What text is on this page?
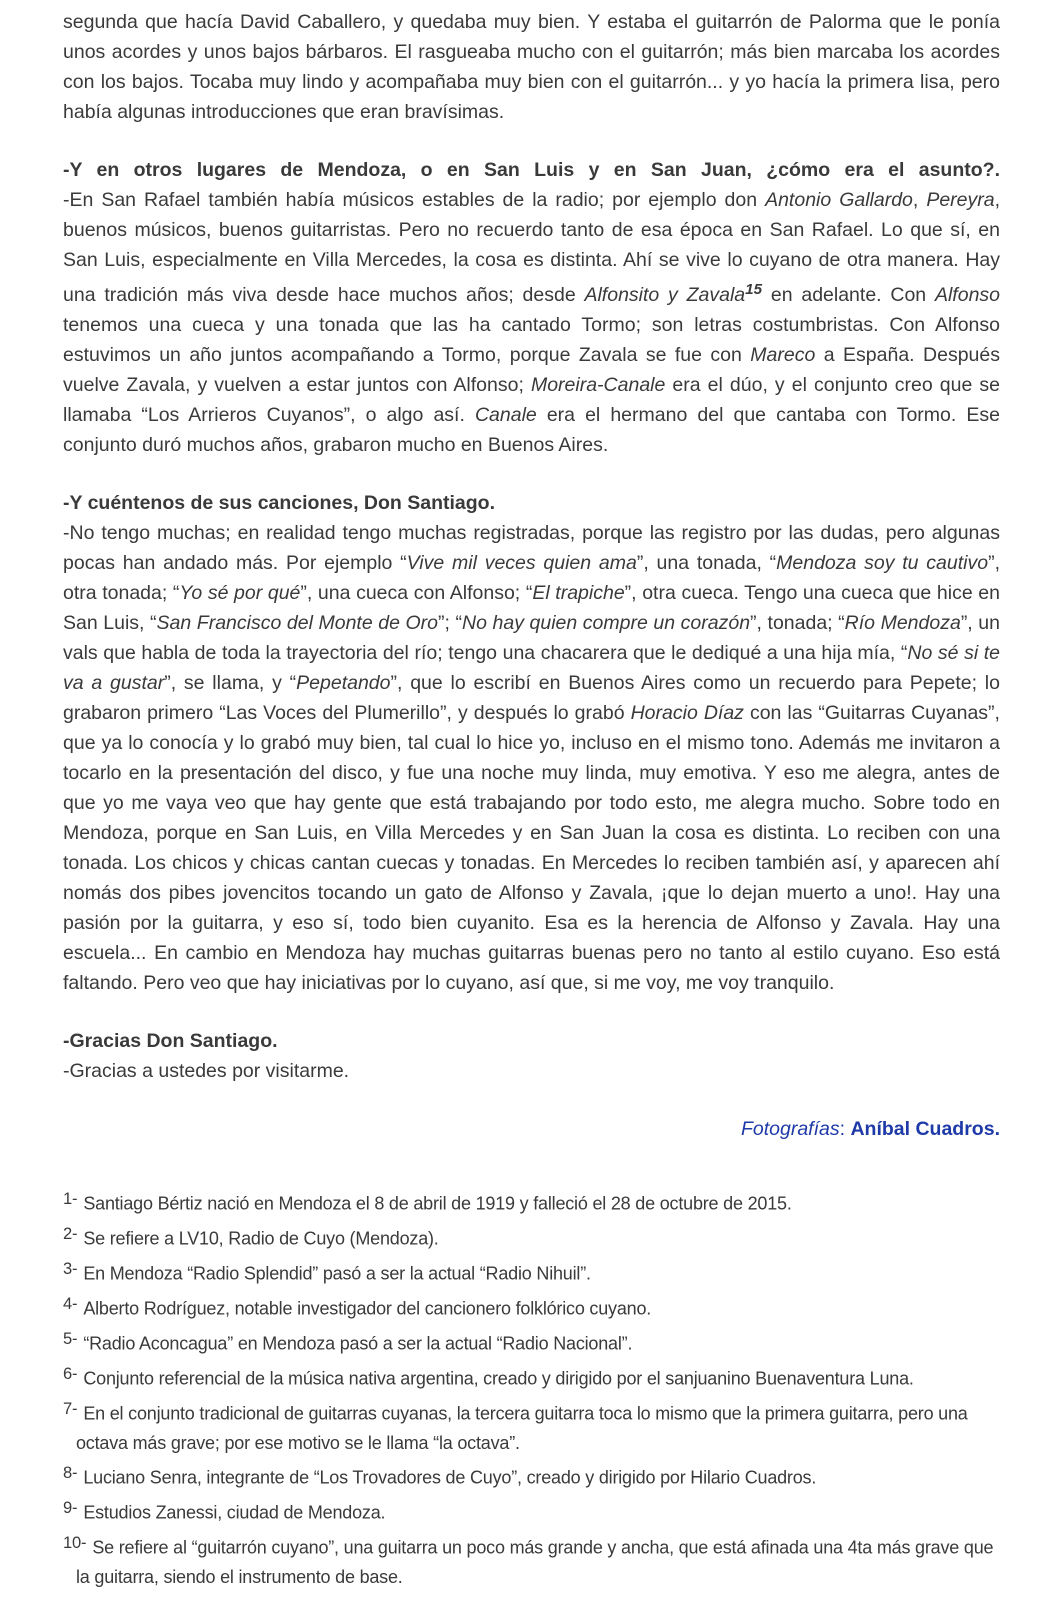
segunda que hacía David Caballero, y quedaba muy bien. Y estaba el guitarrón de Palorma que le ponía unos acordes y unos bajos bárbaros. El rasgueaba mucho con el guitarrón; más bien marcaba los acordes con los bajos. Tocaba muy lindo y acompañaba muy bien con el guitarrón... y yo hacía la primera lisa, pero había algunas introducciones que eran bravísimas.

-Y en otros lugares de Mendoza, o en San Luis y en San Juan, ¿cómo era el asunto?.

-En San Rafael también había músicos estables de la radio; por ejemplo don Antonio Gallardo, Pereyra, buenos músicos, buenos guitarristas. Pero no recuerdo tanto de esa época en San Rafael. Lo que sí, en San Luis, especialmente en Villa Mercedes, la cosa es distinta. Ahí se vive lo cuyano de otra manera. Hay una tradición más viva desde hace muchos años; desde Alfonsito y Zavala$^{15}$ en adelante. Con Alfonso tenemos una cueca y una tonada que las ha cantado Tormo; son letras costumbristas. Con Alfonso estuvimos un año juntos acompañando a Tormo, porque Zavala se fue con Mareco a España. Después vuelve Zavala, y vuelven a estar juntos con Alfonso; Moreira-Canale era el dúo, y el conjunto creo que se llamaba “Los Arrieros Cuyanos”, o algo así. Canale era el hermano del que cantaba con Tormo. Ese conjunto duró muchos años, grabaron mucho en Buenos Aires.

-Y cuéntenos de sus canciones, Don Santiago.

-No tengo muchas; en realidad tengo muchas registradas, porque las registro por las dudas, pero algunas pocas han andado más. Por ejemplo “Vive mil veces quien ama”, una tonada, “Mendoza soy tu cautivo”, otra tonada; “Yo sé por qué”, una cueca con Alfonso; “El trapiche”, otra cueca. Tengo una cueca que hice en San Luis, “San Francisco del Monte de Oro”; “No hay quien compre un corazón”, tonada; “Río Mendoza”, un vals que habla de toda la trayectoria del río; tengo una chacarera que le dediqué a una hija mía, “No sé si te va a gustar”, se llama, y “Pepetando”, que lo escribí en Buenos Aires como un recuerdo para Pepete; lo grabaron primero “Las Voces del Plumerillo”, y después lo grabó Horacio Díaz con las “Guitarras Cuyanas”, que ya lo conocía y lo grabó muy bien, tal cual lo hice yo, incluso en el mismo tono. Además me invitaron a tocarlo en la presentación del disco, y fue una noche muy linda, muy emotiva. Y eso me alegra, antes de que yo me vaya veo que hay gente que está trabajando por todo esto, me alegra mucho. Sobre todo en Mendoza, porque en San Luis, en Villa Mercedes y en San Juan la cosa es distinta. Lo reciben con una tonada. Los chicos y chicas cantan cuecas y tonadas. En Mercedes lo reciben también así, y aparecen ahí nomás dos pibes jovencitos tocando un gato de Alfonso y Zavala, ¡que lo dejan muerto a uno!. Hay una pasión por la guitarra, y eso sí, todo bien cuyanito. Esa es la herencia de Alfonso y Zavala. Hay una escuela... En cambio en Mendoza hay muchas guitarras buenas pero no tanto al estilo cuyano. Eso está faltando. Pero veo que hay iniciativas por lo cuyano, así que, si me voy, me voy tranquilo.

-Gracias Don Santiago.

-Gracias a ustedes por visitarme.

Fotografías: Aníbal Cuadros.
1- Santiago Bértiz nació en Mendoza el 8 de abril de 1919 y falleció el 28 de octubre de 2015.
2- Se refiere a LV10, Radio de Cuyo (Mendoza).
3- En Mendoza “Radio Splendid” pasó a ser la actual “Radio Nihuil”.
4- Alberto Rodríguez, notable investigador del cancionero folklórico cuyano.
5- “Radio Aconcagua” en Mendoza pasó a ser la actual “Radio Nacional”.
6- Conjunto referencial de la música nativa argentina, creado y dirigido por el sanjuanino Buenaventura Luna.
7- En el conjunto tradicional de guitarras cuyanas, la tercera guitarra toca lo mismo que la primera guitarra, pero una octava más grave; por ese motivo se le llama “la octava”.
8- Luciano Senra, integrante de “Los Trovadores de Cuyo”, creado y dirigido por Hilario Cuadros.
9- Estudios Zanessi, ciudad de Mendoza.
10- Se refiere al “guitarrón cuyano”, una guitarra un poco más grande y ancha, que está afinada una 4ta más grave que la guitarra, siendo el instrumento de base.
